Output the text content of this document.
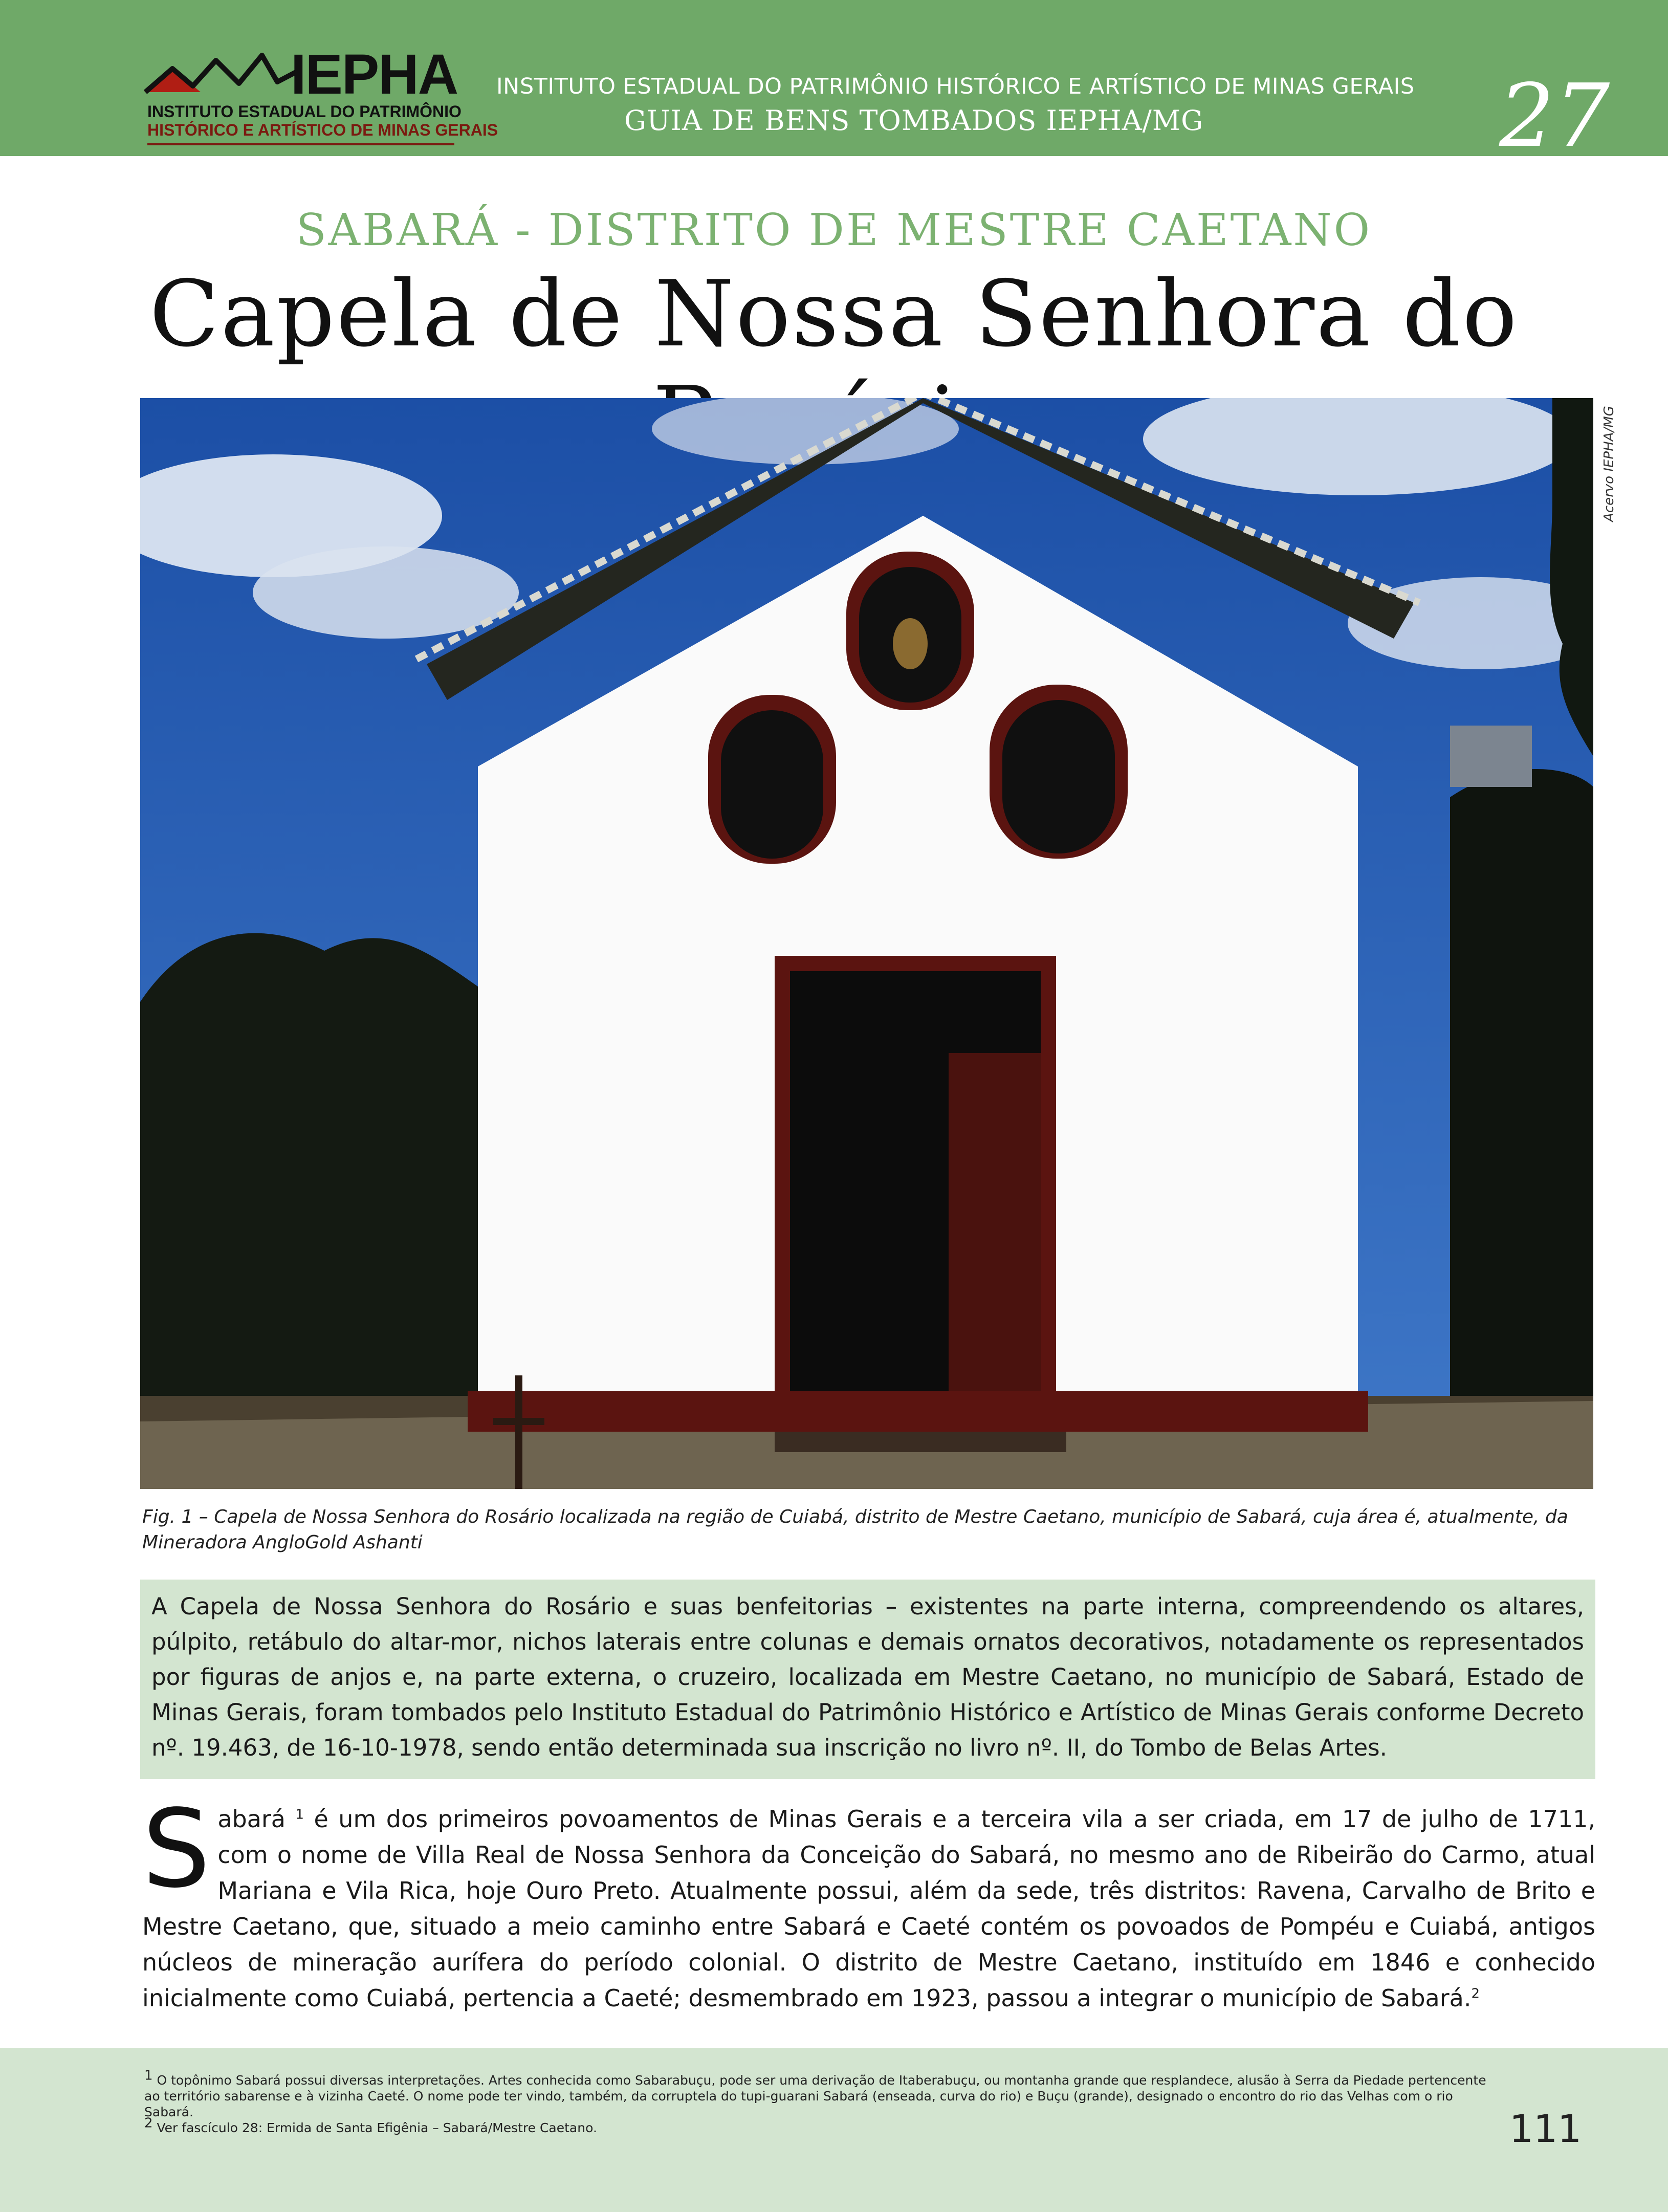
IEPHA
INSTITUTO ESTADUAL DO PATRIMÔNIO
HISTÓRICO E ARTÍSTICO DE MINAS GERAIS
INSTITUTO ESTADUAL DO PATRIMÔNIO HISTÓRICO E ARTÍSTICO DE MINAS GERAIS
GUIA DE BENS TOMBADOS IEPHA/MG	27
SABARÁ - DISTRITO DE MESTRE CAETANO
Capela de Nossa Senhora do
Acervo IEPHA/MG
Fig. 1 – Capela de Nossa Senhora do Rosário localizada na região de Cuiabá, distrito de Mestre Caetano, município de Sabará, cuja área é, atualmente, da Mineradora AngloGold Ashanti

A Capela de Nossa Senhora do Rosário e suas benfeitorias – existentes na parte interna, compreendendo os altares, púlpito, retábulo do altar-mor, nichos laterais entre colunas e demais ornatos decorativos, notadamente os representados por figuras de anjos e, na parte externa, o cruzeiro, localizada em Mestre Caetano, no município de Sabará, Estado de Minas Gerais, foram tombados pelo Instituto Estadual do Patrimônio Histórico e Artístico de Minas Gerais conforme Decreto nº. 19.463, de 16-10-1978, sendo então determinada sua inscrição no livro nº. II, do Tombo de Belas Artes.

Sabará $^1$ é um dos primeiros povoamentos de Minas Gerais e a terceira vila a ser criada, em 17 de julho de 1711, com o nome de Villa Real de Nossa Senhora da Conceição do Sabará, no mesmo ano de Ribeirão do Carmo, atual Mariana e Vila Rica, hoje Ouro Preto. Atualmente possui, além da sede, três distritos: Ravena, Carvalho de Brito e Mestre Caetano, que, situado a meio caminho entre Sabará e Caeté contém os povoados de Pompéu e Cuiabá, antigos núcleos de mineração aurífera do período colonial. O distrito de Mestre Caetano, instituído em 1846 e conhecido inicialmente como Cuiabá, pertencia a Caeté; desmembrado em 1923, passou a integrar o município de Sabará.$^2$

$^1$ O topônimo Sabará possui diversas interpretações. Artes conhecida como Sabarabuçu, pode ser uma derivação de Itaberabuçu, ou montanha grande que resplandece, alusão à Serra da Piedade pertencente ao território sabarense e à vizinha Caeté. O nome pode ter vindo, também, da corruptela do tupi-guarani Sabará (enseada, curva do rio) e Buçu (grande), designado o encontro do rio das Velhas com o rio Sabará.

$^2$ Ver fascículo 28: Ermida de Santa Efigênia – Sabará/Mestre Caetano.	111
